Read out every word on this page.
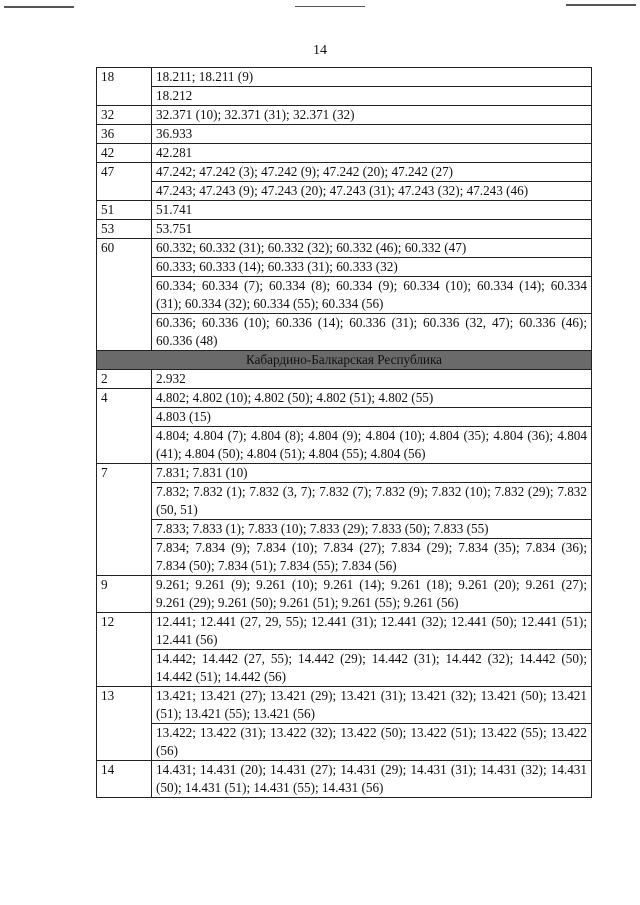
14
18	18.211; 18.211 (9)
	18.212
32	32.371 (10); 32.371 (31); 32.371 (32)
36	36.933
42	42.281
47	47.242; 47.242 (3); 47.242 (9); 47.242 (20); 47.242 (27)
	47.243; 47.243 (9); 47.243 (20); 47.243 (31); 47.243 (32); 47.243 (46)
51	51.741
53	53.751
60	60.332; 60.332 (31); 60.332 (32); 60.332 (46); 60.332 (47)
	60.333; 60.333 (14); 60.333 (31); 60.333 (32)
	60.334; 60.334 (7); 60.334 (8); 60.334 (9); 60.334 (10); 60.334 (14); 60.334 (31); 60.334 (32); 60.334 (55); 60.334 (56)
	60.336; 60.336 (10); 60.336 (14); 60.336 (31); 60.336 (32, 47); 60.336 (46); 60.336 (48)
Кабардино-Балкарская Республика	
2	2.932
4	4.802; 4.802 (10); 4.802 (50); 4.802 (51); 4.802 (55)
	4.803 (15)
	4.804; 4.804 (7); 4.804 (8); 4.804 (9); 4.804 (10); 4.804 (35); 4.804 (36); 4.804 (41); 4.804 (50); 4.804 (51); 4.804 (55); 4.804 (56)
7	7.831; 7.831 (10)
	7.832; 7.832 (1); 7.832 (3, 7); 7.832 (7); 7.832 (9); 7.832 (10); 7.832 (29); 7.832 (50, 51)
	7.833; 7.833 (1); 7.833 (10); 7.833 (29); 7.833 (50); 7.833 (55)
	7.834; 7.834 (9); 7.834 (10); 7.834 (27); 7.834 (29); 7.834 (35); 7.834 (36); 7.834 (50); 7.834 (51); 7.834 (55); 7.834 (56)
9	9.261; 9.261 (9); 9.261 (10); 9.261 (14); 9.261 (18); 9.261 (20); 9.261 (27); 9.261 (29); 9.261 (50); 9.261 (51); 9.261 (55); 9.261 (56)
12	12.441; 12.441 (27, 29, 55); 12.441 (31); 12.441 (32); 12.441 (50); 12.441 (51); 12.441 (56)
	14.442; 14.442 (27, 55); 14.442 (29); 14.442 (31); 14.442 (32); 14.442 (50); 14.442 (51); 14.442 (56)
13	13.421; 13.421 (27); 13.421 (29); 13.421 (31); 13.421 (32); 13.421 (50); 13.421 (51); 13.421 (55); 13.421 (56)
	13.422; 13.422 (31); 13.422 (32); 13.422 (50); 13.422 (51); 13.422 (55); 13.422 (56)
14	14.431; 14.431 (20); 14.431 (27); 14.431 (29); 14.431 (31); 14.431 (32); 14.431 (50); 14.431 (51); 14.431 (55); 14.431 (56)
